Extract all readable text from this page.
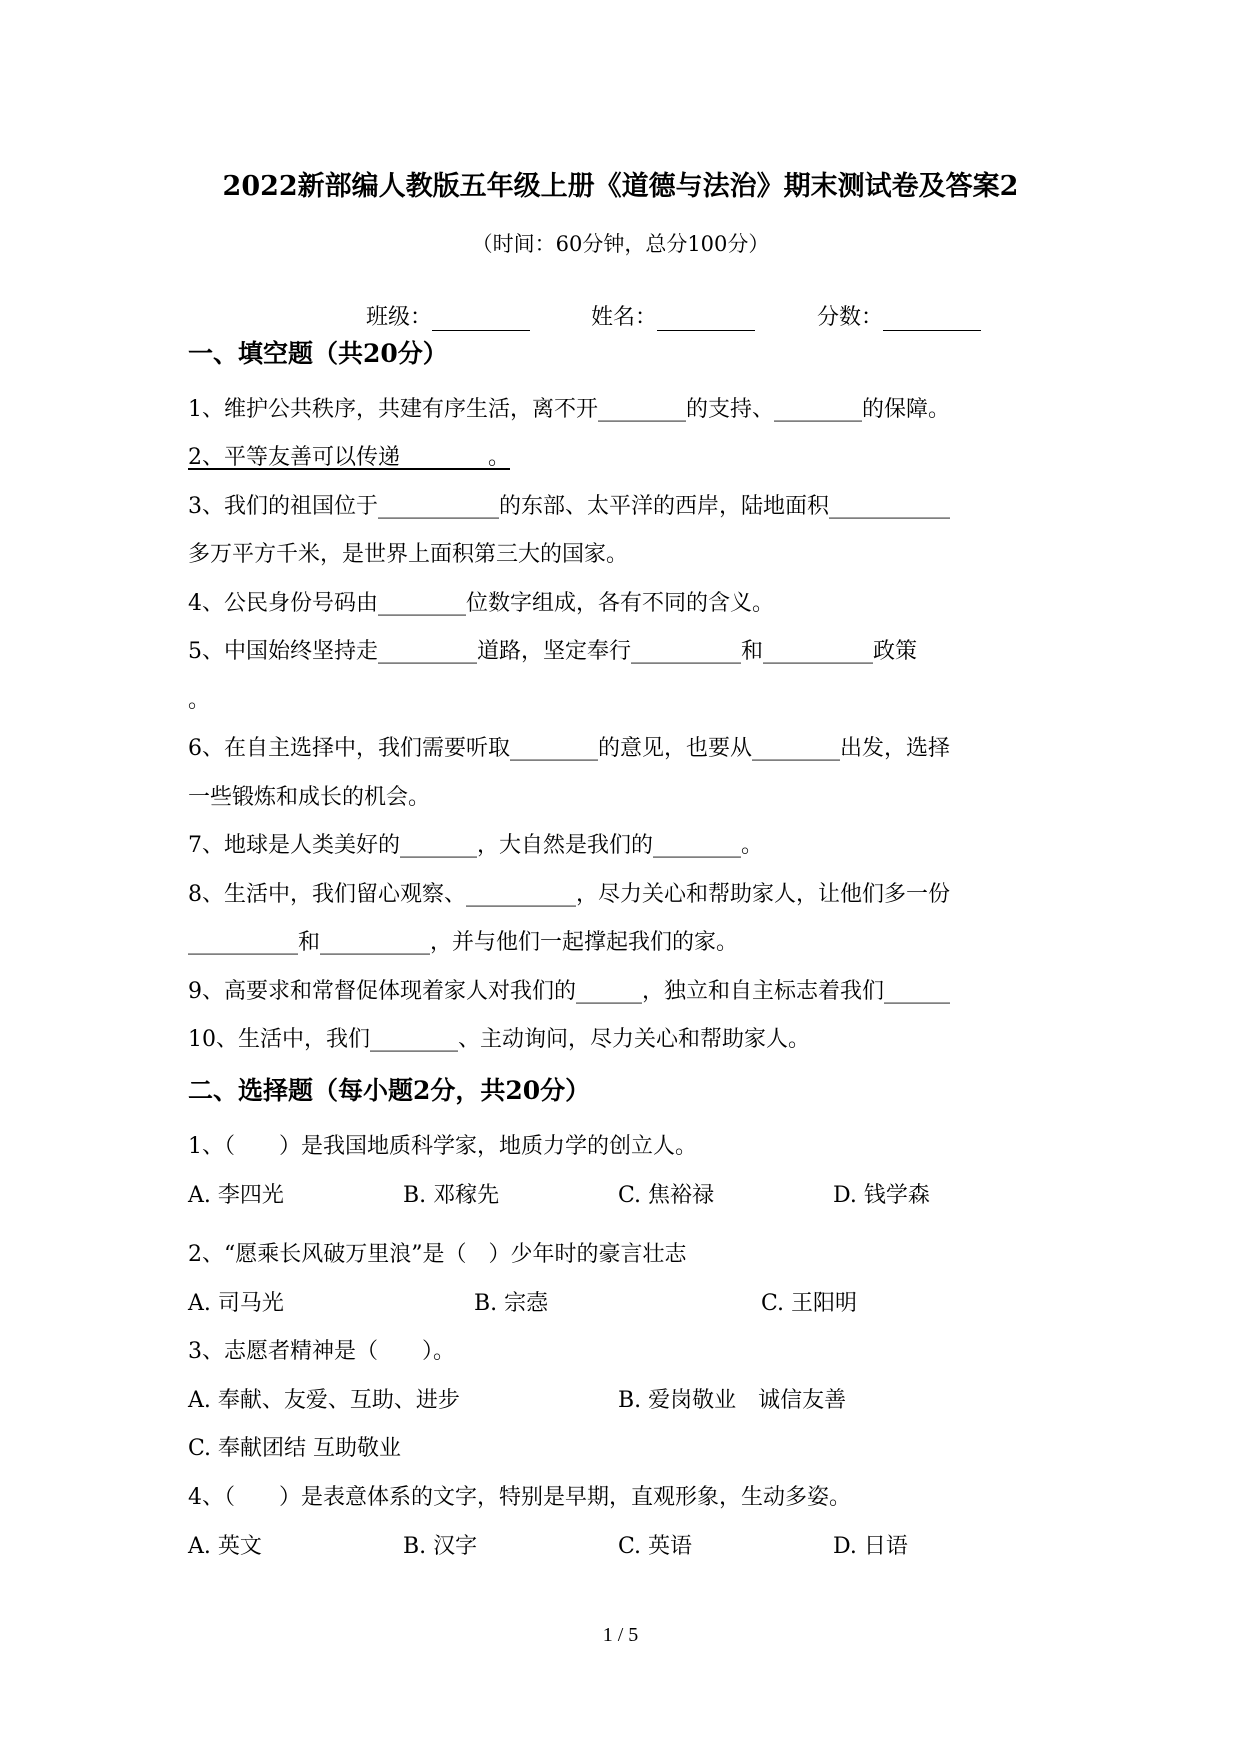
2022新部编人教版五年级上册《道德与法治》期末测试卷及答案2
（时间：60分钟，总分100分）

班级：
	姓名：
	分数：

一、填空题（共20分）
1、维护公共秩序，共建有序生活，离不开________的支持、________的保障。
2、平等友善可以传递________。
3、我们的祖国位于___________的东部、太平洋的西岸，陆地面积___________
多万平方千米，是世界上面积第三大的国家。
4、公民身份号码由________位数字组成，各有不同的含义。
5、中国始终坚持走_________道路，坚定奉行__________和__________政策
。
6、在自主选择中，我们需要听取________的意见，也要从________出发，选择
一些锻炼和成长的机会。
7、地球是人类美好的_______，大自然是我们的________。
8、生活中，我们留心观察、__________，尽力关心和帮助家人，让他们多一份
__________和__________，并与他们一起撑起我们的家。
9、高要求和常督促体现着家人对我们的______，独立和自主标志着我们______
10、生活中，我们________、主动询问，尽力关心和帮助家人。
二、选择题（每小题2分，共20分）
1、（　　）是我国地质科学家，地质力学的创立人。
A. 李四光	B. 邓稼先	C. 焦裕禄	D. 钱学森
2、“愿乘长风破万里浪”是（　）少年时的豪言壮志
A. 司马光	B. 宗悫	C. 王阳明
3、志愿者精神是（　　）。
A. 奉献、友爱、互助、进步	B. 爱岗敬业　诚信友善
C. 奉献团结 互助敬业
4、（　　）是表意体系的文字，特别是早期，直观形象，生动多姿。
A. 英文	B. 汉字	C. 英语	D. 日语
1 / 5
